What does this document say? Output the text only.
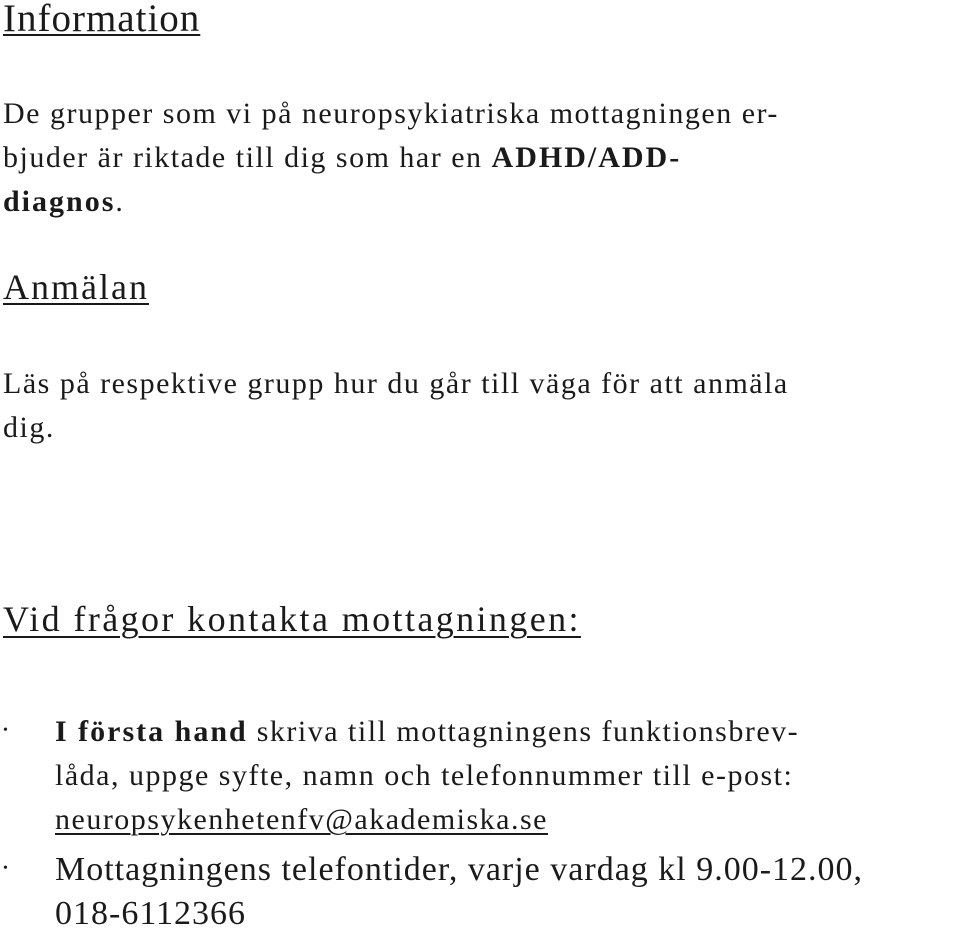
Information

De grupper som vi på neuropsykiatriska mottagningen er-
bjuder är riktade till dig som har en ADHD/ADD-
diagnos.

Anmälan

Läs på respektive grupp hur du går till väga för att anmäla
dig.

Vid frågor kontakta mottagningen:
•
I första hand skriva till mottagningens funktionsbrev-
låda, uppge syfte, namn och telefonnummer till e-post:
neuropsykenhetenfv@akademiska.se
•
Mottagningens telefontider, varje vardag kl 9.00-12.00,
018-6112366
